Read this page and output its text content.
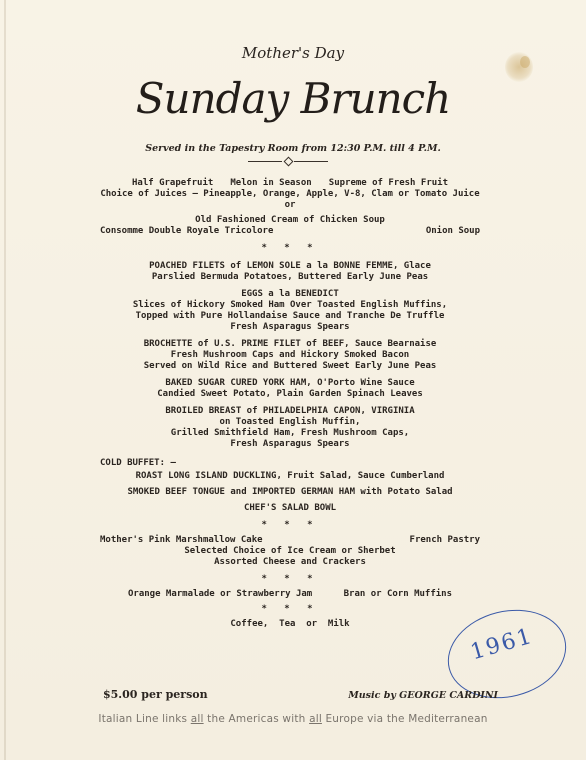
Mother's Day
Sunday Brunch
Served in the Tapestry Room from 12:30 P.M. till 4 P.M.
Half Grapefruit Melon in Season Supreme of Fresh Fruit
Choice of Juices — Pineapple, Orange, Apple, V-8, Clam or Tomato Juice
or
Old Fashioned Cream of Chicken Soup
Consomme Double Royale Tricolore	Onion Soup
* * *
POACHED FILETS of LEMON SOLE a la BONNE FEMME, Glace
Parslied Bermuda Potatoes, Buttered Early June Peas
EGGS a la BENEDICT
Slices of Hickory Smoked Ham Over Toasted English Muffins,
Topped with Pure Hollandaise Sauce and Tranche De Truffle
Fresh Asparagus Spears
BROCHETTE of U.S. PRIME FILET of BEEF, Sauce Bearnaise
Fresh Mushroom Caps and Hickory Smoked Bacon
Served on Wild Rice and Buttered Sweet Early June Peas
BAKED SUGAR CURED YORK HAM, O'Porto Wine Sauce
Candied Sweet Potato, Plain Garden Spinach Leaves
BROILED BREAST of PHILADELPHIA CAPON, VIRGINIA
on Toasted English Muffin,
Grilled Smithfield Ham, Fresh Mushroom Caps,
Fresh Asparagus Spears
COLD BUFFET: —
ROAST LONG ISLAND DUCKLING, Fruit Salad, Sauce Cumberland
SMOKED BEEF TONGUE and IMPORTED GERMAN HAM with Potato Salad
CHEF'S SALAD BOWL
* * *
Mother's Pink Marshmallow Cake	French Pastry
Selected Choice of Ice Cream or Sherbet
Assorted Cheese and Crackers
* * *
Orange Marmalade or Strawberry Jam	Bran or Corn Muffins
* * *
Coffee,  Tea  or  Milk	1961
$5.00 per person	Music by GEORGE CARDINI
Italian Line links all the Americas with all Europe via the Mediterranean
